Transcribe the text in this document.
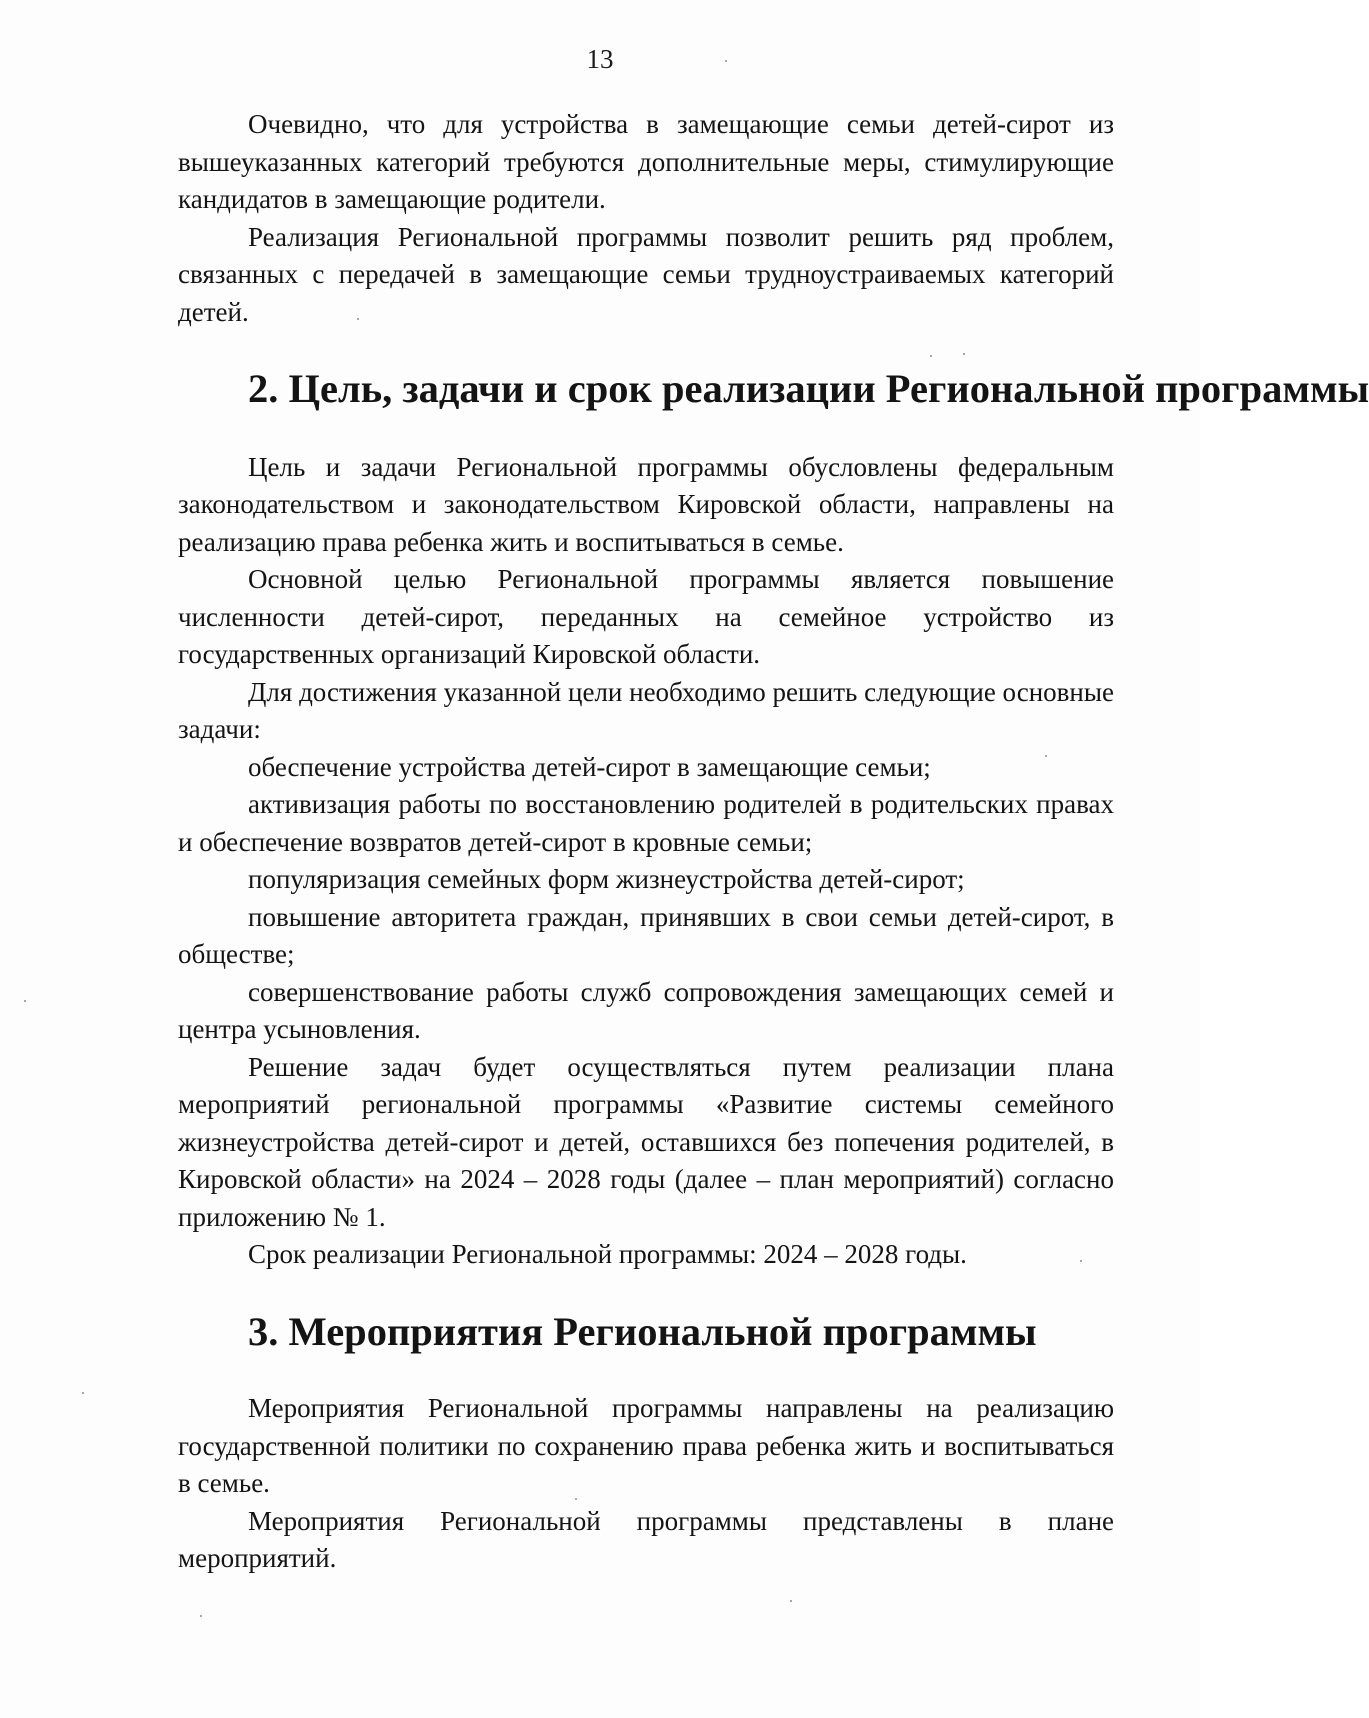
13

Очевидно, что для устройства в замещающие семьи детей-сирот из вышеуказанных категорий требуются дополнительные меры, стимулирующие кандидатов в замещающие родители.

Реализация Региональной программы позволит решить ряд проблем, связанных с передачей в замещающие семьи трудноустраиваемых категорий детей.

2. Цель, задачи и срок реализации Региональной программы

Цель и задачи Региональной программы обусловлены федеральным законодательством и законодательством Кировской области, направлены на реализацию права ребенка жить и воспитываться в семье.

Основной целью Региональной программы является повышение численности детей-сирот, переданных на семейное устройство из государственных организаций Кировской области.

Для достижения указанной цели необходимо решить следующие основные задачи:

обеспечение устройства детей-сирот в замещающие семьи;

активизация работы по восстановлению родителей в родительских правах и обеспечение возвратов детей-сирот в кровные семьи;

популяризация семейных форм жизнеустройства детей-сирот;

повышение авторитета граждан, принявших в свои семьи детей-сирот, в обществе;

совершенствование работы служб сопровождения замещающих семей и центра усыновления.

Решение задач будет осуществляться путем реализации плана мероприятий региональной программы «Развитие системы семейного жизнеустройства детей-сирот и детей, оставшихся без попечения родителей, в Кировской области» на 2024 – 2028 годы (далее – план мероприятий) согласно приложению № 1.

Срок реализации Региональной программы: 2024 – 2028 годы.

3. Мероприятия Региональной программы

Мероприятия Региональной программы направлены на реализацию государственной политики по сохранению права ребенка жить и воспитываться в семье.

Мероприятия Региональной программы представлены в плане мероприятий.
